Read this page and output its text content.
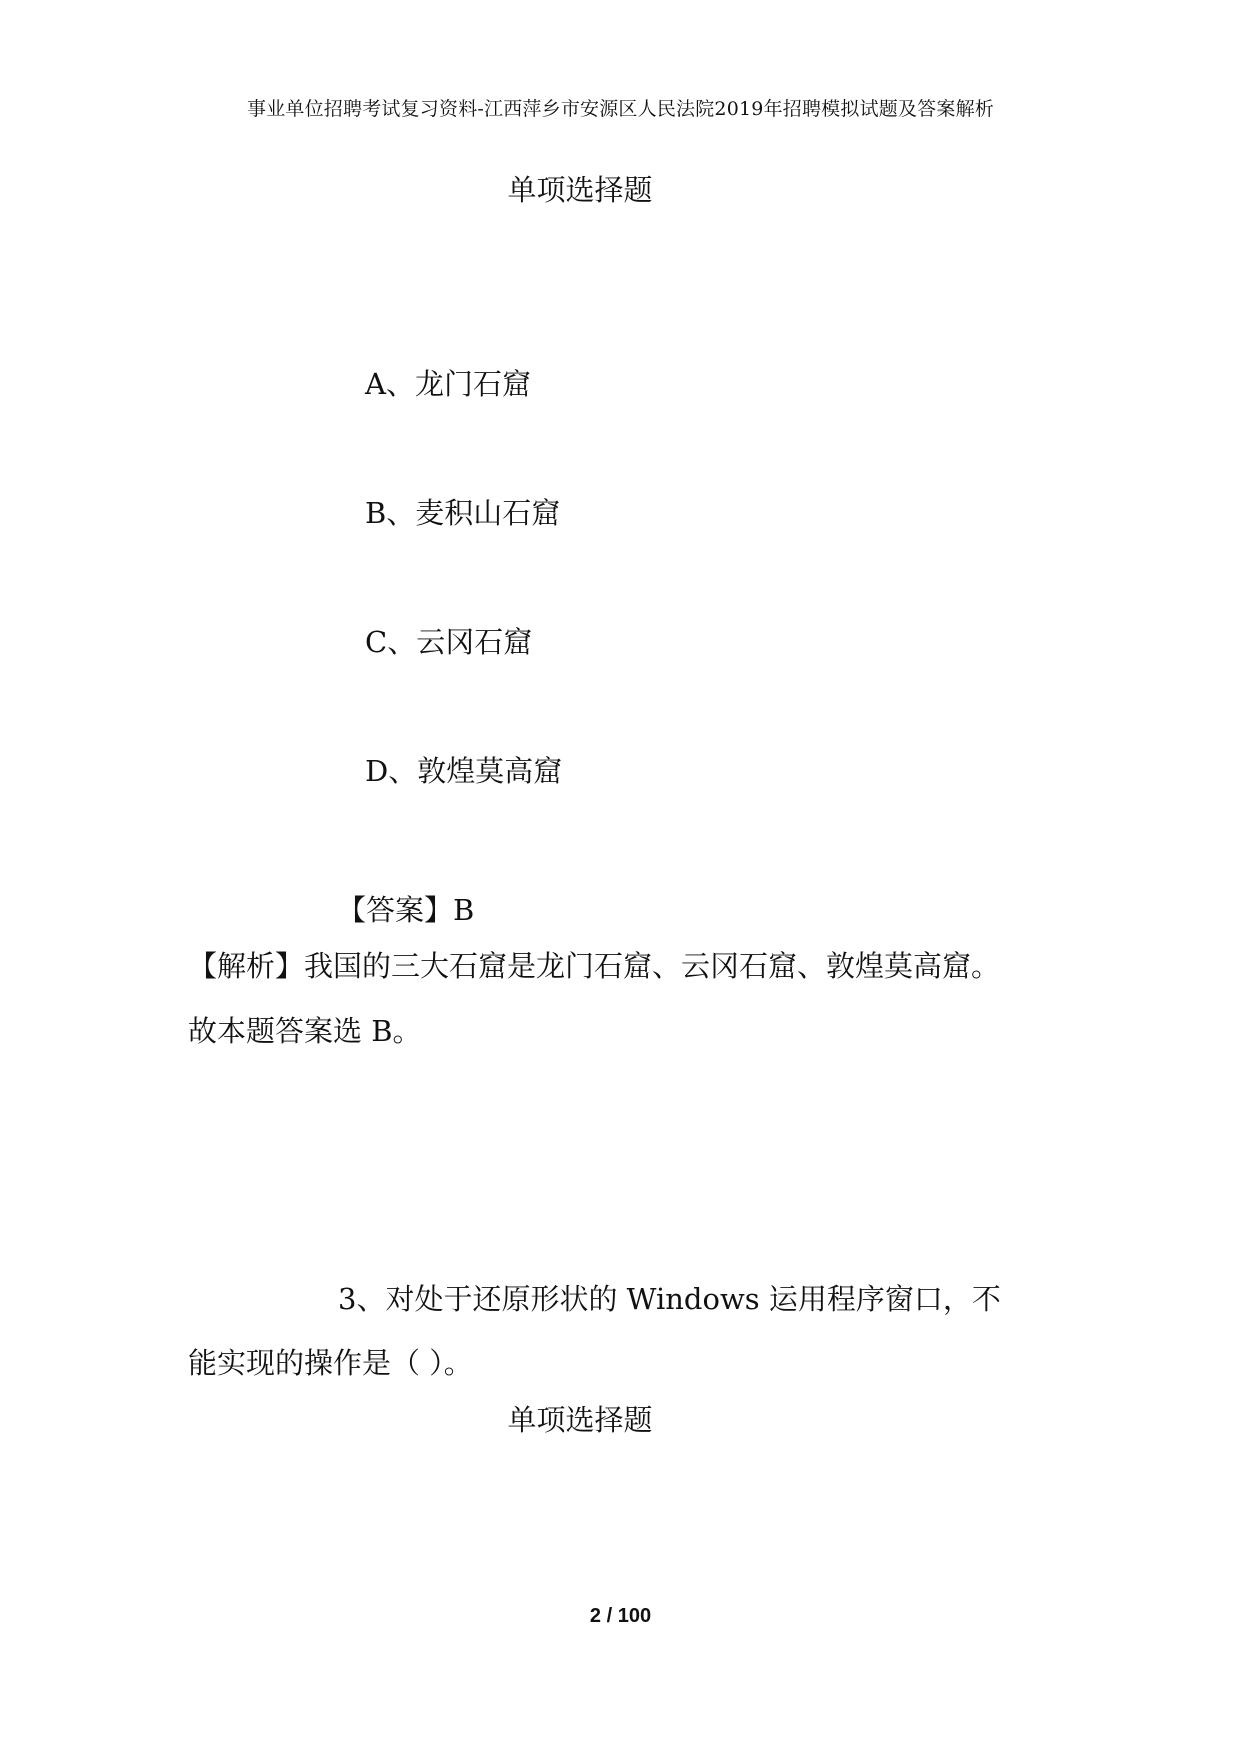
事业单位招聘考试复习资料-江西萍乡市安源区人民法院2019年招聘模拟试题及答案解析
单项选择题
A、龙门石窟
B、麦积山石窟
C、云冈石窟
D、敦煌莫高窟
【答案】B
【解析】我国的三大石窟是龙门石窟、云冈石窟、敦煌莫高窟。
故本题答案选 B。
3、对处于还原形状的 Windows 运用程序窗口，不
能实现的操作是（ ）。
单项选择题
2 / 100
